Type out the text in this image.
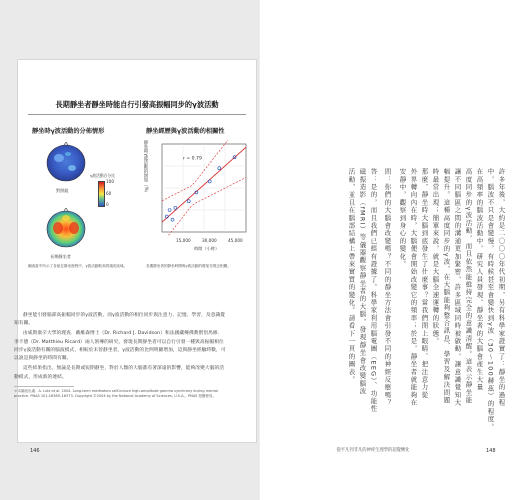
長期靜坐者靜坐時能自行引發高振幅同步的γ波活動
靜坐時γ波活動的分佈情形	靜坐經歷與γ波活動的相關性
對照組
長期靜坐者
γ波活動百分比
100
60
0
圖表當中所示了各組在靜坐進程中，γ波活動較高的頭皮區域。
靜坐時γ波活動的增加（%）	r = 0.79
15,000	30,000	45,000
時間（小時）
長期靜坐者的靜坐時間與γ波活動的增加呈現正相關。

靜坐能引發腦部高振幅同步的γ波活動，而γ波活動的相位同步與注意力、記憶、學習，及意識覺知有關。

由威斯康辛大學的理查．戴維森博士（Dr. Richard J. Davidson）和法國藏傳佛教僧侶馬修．李卡德（Dr. Matthieu Ricard）兩人領導的研究，發現長期靜坐者可以自行引發一種與高振幅相位同步γ波活動有關的腦波模式，相較於未曾靜坐者，γ波活動的比例明顯增加，這與靜坐經驗時數，可以說是與靜坐的時間有關。

這些結果指出，無論是長期或短期靜坐，對於人類的大腦都有著深遠的影響，能夠改變大腦的活動模式，形成新的連結。

＊本圖表出處：A. Lutz et al. 2004. Long-term meditators self-induce high-amplitude gamma synchrony during mental practice. PNAS 101:16369–16373. Copyright ©2004 by the National Academy of Sciences, U.S.A.，PNAS 授權使用。
146
許多年後，大約是二〇〇〇年代初期，另有科學家證實了：靜坐的過程
中，腦波不只是會變慢，有時候甚至會變快到γ波（30～100赫茲）的程度。
在高頻率的腦波活動中，研究人員發現，靜坐者的大腦會產生大量
高度同步的γ波活動，而且依然能維持完全的意識清醒。這表示靜坐能
讓不同腦區之間的溝通更加緊密，許多區域同時被啟動，讓意識覺知大
幅提升。這種高度同步的γ波，在大腦能夠整合訊息、學習及解決問題
時最常出現；簡單來說，就是大腦全速運轉的狀態。
那麼，靜坐時大腦到底發生了什麼事？當我們閉上眼睛、把注意力從
外界轉向內在時，大腦便會開始改變它的頻率；於是，靜坐者就能夠在
安靜中，觀察到身心的變化。
問：你們的大腦會改變嗎？不同的靜坐方法會引發不同的神經反應嗎？
答：是的，而且我們已經有證據了。科學家利用腦電圖（EEG）、功能性
磁振造影（fMRI）等儀器觀察靜坐者的大腦，發現靜坐會改變腦波
活動，並且在腦部結構上帶來實質的變化。請看下一頁的圖表。
從平凡到非凡的神經生理學的超覺轉化	148
